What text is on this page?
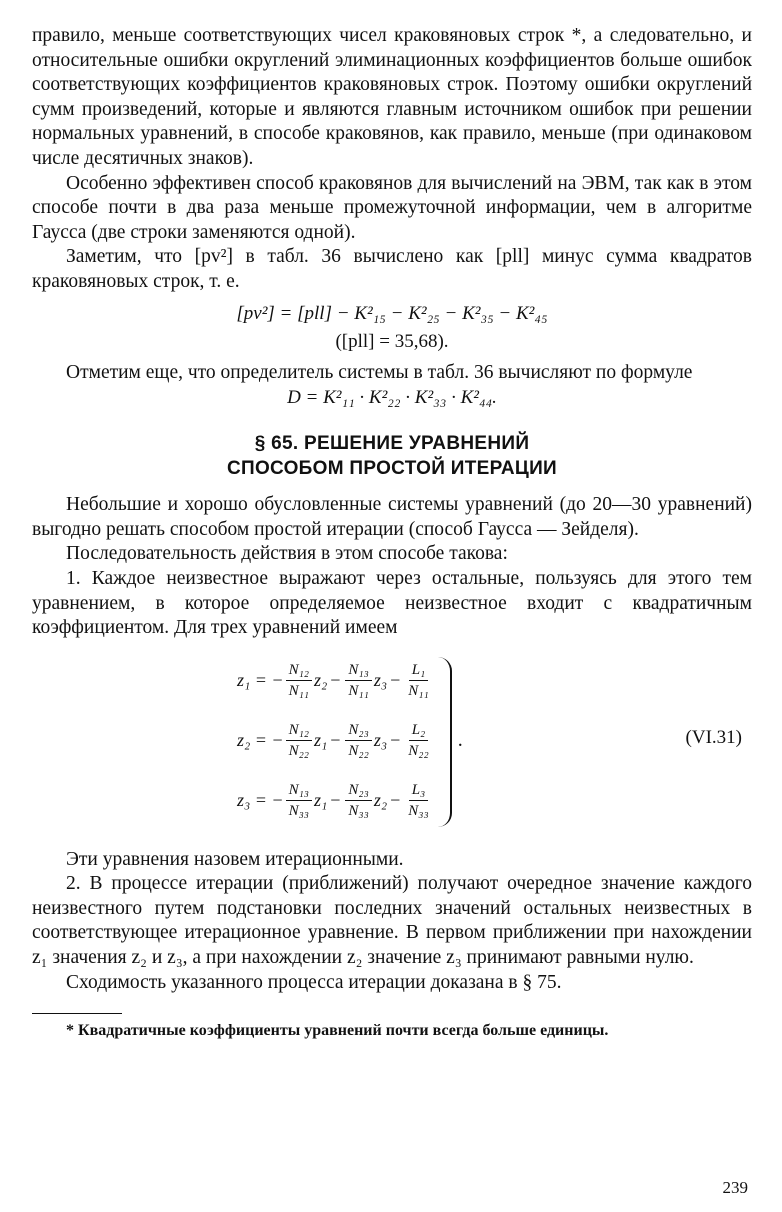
правило, меньше соответствующих чисел краковяновых строк *, а следовательно, и относительные ошибки округлений элиминационных коэффициентов больше ошибок соответствующих коэффициентов краковяновых строк. Поэтому ошибки округлений сумм произведений, которые и являются главным источником ошибок при решении нормальных уравнений, в способе краковянов, как правило, меньше (при одинаковом числе десятичных знаков).

Особенно эффективен способ краковянов для вычислений на ЭВМ, так как в этом способе почти в два раза меньше промежуточной информации, чем в алгоритме Гаусса (две строки заменяются одной).

Заметим, что [pv²] в табл. 36 вычислено как [pll] минус сумма квадратов краковяновых строк, т. е.

[pv²] = [pll] − K²₁₅ − K²₂₅ − K²₃₅ − K²₄₅
([pll] = 35,68).

Отметим еще, что определитель системы в табл. 36 вычисляют по формуле

D = K²₁₁ · K²₂₂ · K²₃₃ · K²₄₄.

§ 65. РЕШЕНИЕ УРАВНЕНИЙ

СПОСОБОМ ПРОСТОЙ ИТЕРАЦИИ

Небольшие и хорошо обусловленные системы уравнений (до 20—30 уравнений) выгодно решать способом простой итерации (способ Гаусса — Зейделя).

Последовательность действия в этом способе такова:

1. Каждое неизвестное выражают через остальные, пользуясь для этого тем уравнением, в которое определяемое неизвестное входит с квадратичным коэффициентом. Для трех уравнений имеем

z₁ = − $\frac{\text{N₁₂}}{\text{N₁₁}} z_2 - \frac{\text{N₁₃}}{\text{N₁₁}} z_3 - \frac{\text{L₁}}{\text{N₁₁}}$
z₂ = − $\frac{\text{N₁₂}}{\text{N₂₂}} z_1 - \frac{\text{N₂₃}}{\text{N₂₂}} z_3 - \frac{\text{L₂}}{\text{N₂₂}}$
z₃ = − $\frac{\text{N₁₃}}{\text{N₃₃}} z_1 - \frac{\text{N₂₃}}{\text{N₃₃}} z_2 - \frac{\text{L₃}}{\text{N₃₃}}$
.	(VI.31)

Эти уравнения назовем итерационными.

2. В процессе итерации (приближений) получают очередное значение каждого неизвестного путем подстановки последних значений остальных неизвестных в соответствующее итерационное уравнение. В первом приближении при нахождении z₁ значения z₂ и z₃, а при нахождении z₂ значение z₃ принимают равными нулю.

Сходимость указанного процесса итерации доказана в § 75.

* Квадратичные коэффициенты уравнений почти всегда больше единицы.

239
